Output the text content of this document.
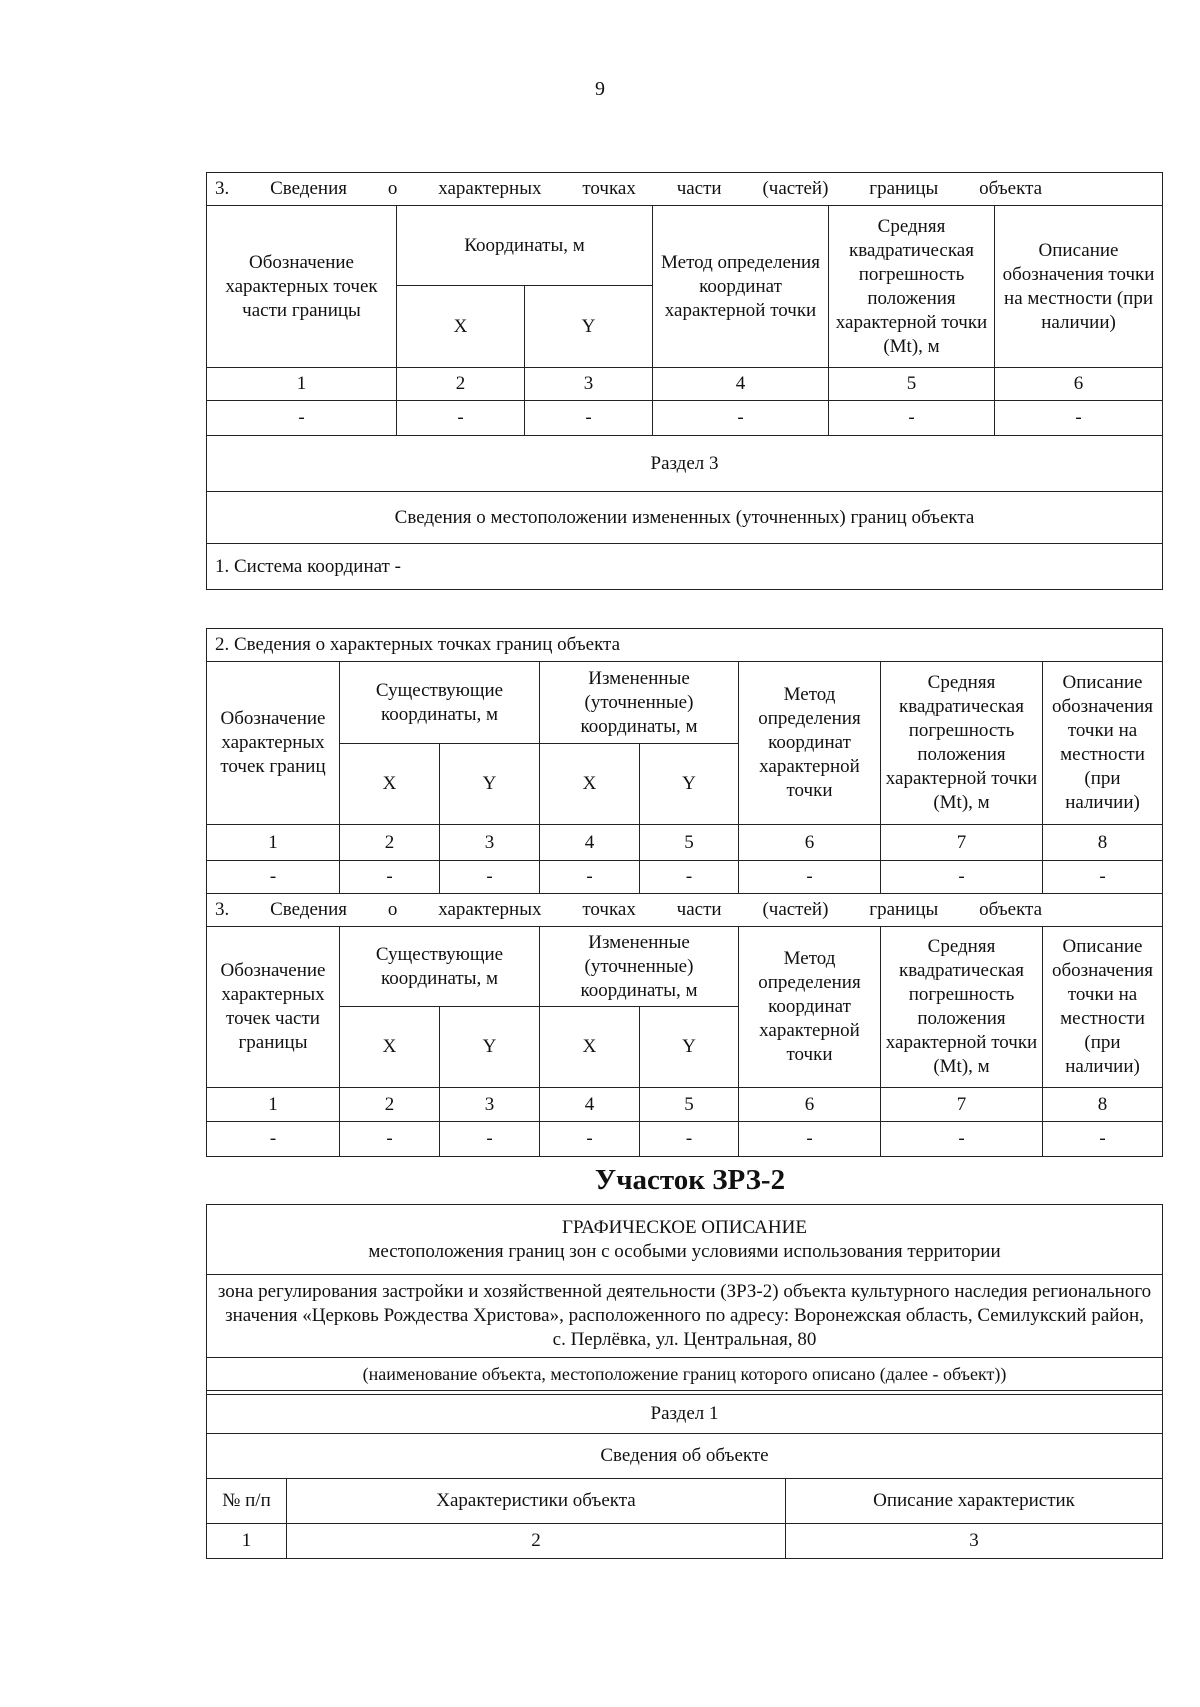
9
3. Сведения о характерных точках части (частей) границы объекта					
Обозначение характерных точек части границы	Координаты, м		Метод определения координат характерной точки	Средняя квадратическая погрешность положения характерной точки (Mt), м	Описание обозначения точки на местности (при наличии)
	X	Y			
1	2	3	4	5	6
-	-	-	-	-	-
Раздел 3					
Сведения о местоположении измененных (уточненных) границ объекта					
1. Система координат -					
2. Сведения о характерных точках границ объекта							
Обозначение характерных точек границ	Существующие координаты, м		Измененные (уточненные) координаты, м		Метод определения координат характерной точки	Средняя квадратическая погрешность положения характерной точки (Mt), м	Описание обозначения точки на местности (при наличии)
	X	Y	X	Y			
1	2	3	4	5	6	7	8
-	-	-	-	-	-	-	-
3. Сведения о характерных точках части (частей) границы объекта							
Обозначение характерных точек части границы	Существующие координаты, м		Измененные (уточненные) координаты, м		Метод определения координат характерной точки	Средняя квадратическая погрешность положения характерной точки (Mt), м	Описание обозначения точки на местности (при наличии)
	X	Y	X	Y			
1	2	3	4	5	6	7	8
-	-	-	-	-	-	-	-
Участок ЗРЗ-2
ГРАФИЧЕСКОЕ ОПИСАНИЕ
местоположения границ зон с особыми условиями использования территории		

зона регулирования застройки и хозяйственной деятельности (ЗРЗ-2) объекта культурного наследия регионального значения «Церковь Рождества Христова», расположенного по адресу: Воронежская область, Семилукский район, с. Перлёвка, ул. Центральная, 80		
(наименование объекта, местоположение границ которого описано (далее - объект))		

Раздел 1		
Сведения об объекте		
№ п/п	Характеристики объекта	Описание характеристик
1	2	3
